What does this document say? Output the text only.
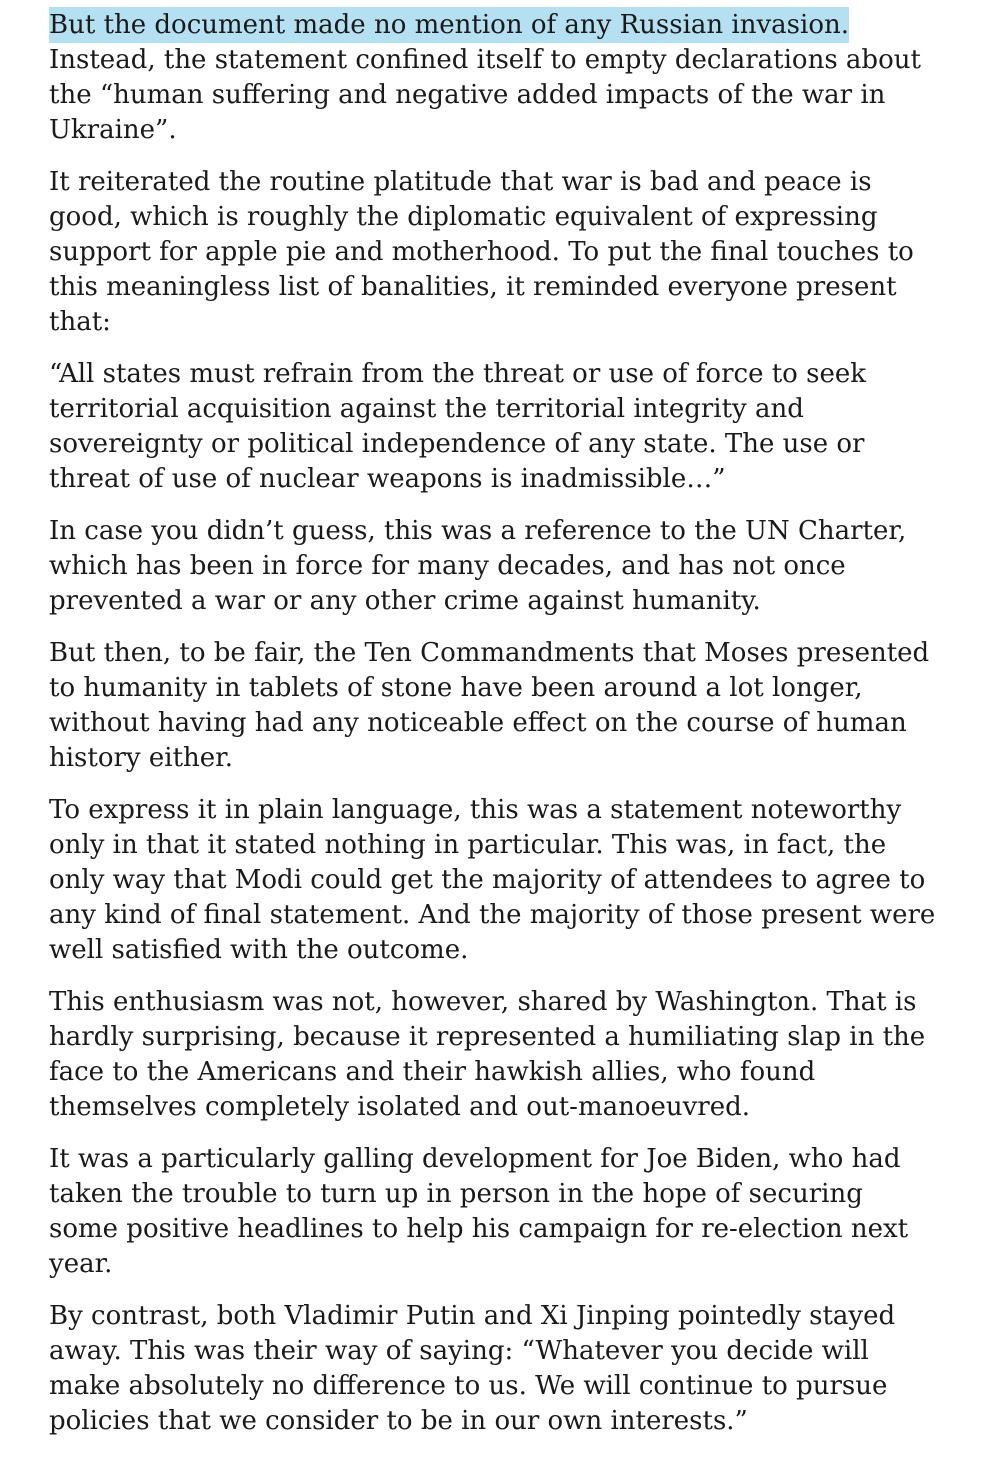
But the document made no mention of any Russian invasion. Instead, the statement confined itself to empty declarations about the “human suffering and negative added impacts of the war in Ukraine”.

It reiterated the routine platitude that war is bad and peace is good, which is roughly the diplomatic equivalent of expressing support for apple pie and motherhood. To put the final touches to this meaningless list of banalities, it reminded everyone present that:

“All states must refrain from the threat or use of force to seek territorial acquisition against the territorial integrity and sovereignty or political independence of any state. The use or threat of use of nuclear weapons is inadmissible…”

In case you didn’t guess, this was a reference to the UN Charter, which has been in force for many decades, and has not once prevented a war or any other crime against humanity.

But then, to be fair, the Ten Commandments that Moses presented to humanity in tablets of stone have been around a lot longer, without having had any noticeable effect on the course of human history either.

To express it in plain language, this was a statement noteworthy only in that it stated nothing in particular. This was, in fact, the only way that Modi could get the majority of attendees to agree to any kind of final statement. And the majority of those present were well satisfied with the outcome.

This enthusiasm was not, however, shared by Washington. That is hardly surprising, because it represented a humiliating slap in the face to the Americans and their hawkish allies, who found themselves completely isolated and out-manoeuvred.

It was a particularly galling development for Joe Biden, who had taken the trouble to turn up in person in the hope of securing some positive headlines to help his campaign for re-election next year.

By contrast, both Vladimir Putin and Xi Jinping pointedly stayed away. This was their way of saying: “Whatever you decide will make absolutely no difference to us. We will continue to pursue policies that we consider to be in our own interests.”
